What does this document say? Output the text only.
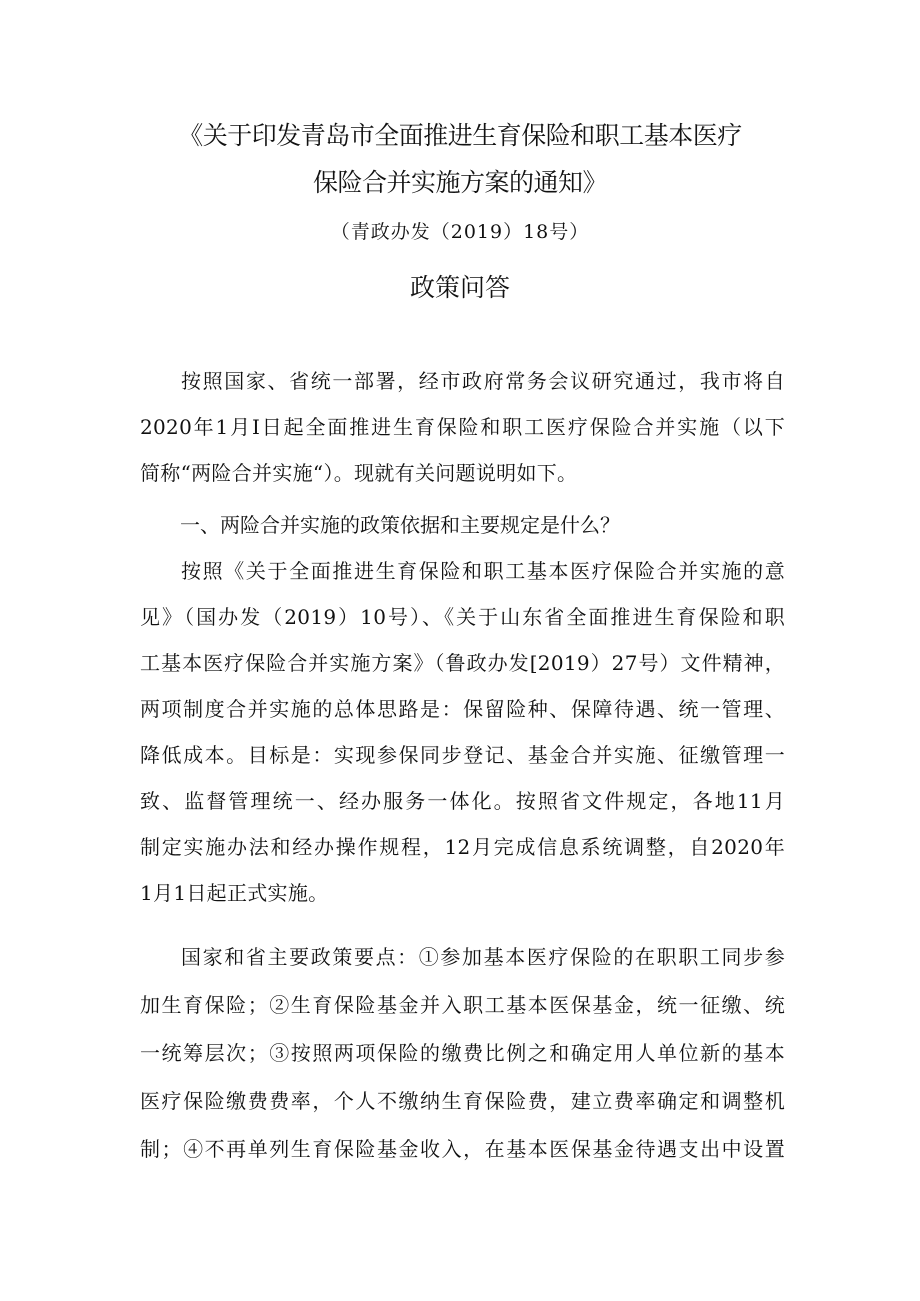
《关于印发青岛市全面推进生育保险和职工基本医疗
保险合并实施方案的通知》
（青政办发（2019）18号）
政策问答
按照国家、省统一部署，经市政府常务会议研究通过，我市将自
2020年1月I日起全面推进生育保险和职工医疗保险合并实施（以下
简称“两险合并实施“）。现就有关问题说明如下。
一、两险合并实施的政策依据和主要规定是什么？
按照《关于全面推进生育保险和职工基本医疗保险合并实施的意
见》（国办发（2019）10号）、《关于山东省全面推进生育保险和职
工基本医疗保险合并实施方案》（鲁政办发[2019）27号）文件精神，
两项制度合并实施的总体思路是：保留险种、保障待遇、统一管理、
降低成本。目标是：实现参保同步登记、基金合并实施、征缴管理一
致、监督管理统一、经办服务一体化。按照省文件规定，各地11月
制定实施办法和经办操作规程，12月完成信息系统调整，自2020年
1月1日起正式实施。
国家和省主要政策要点：①参加基本医疗保险的在职职工同步参
加生育保险；②生育保险基金并入职工基本医保基金，统一征缴、统
一统筹层次；③按照两项保险的缴费比例之和确定用人单位新的基本
医疗保险缴费费率，个人不缴纳生育保险费，建立费率确定和调整机
制；④不再单列生育保险基金收入，在基本医保基金待遇支出中设置
